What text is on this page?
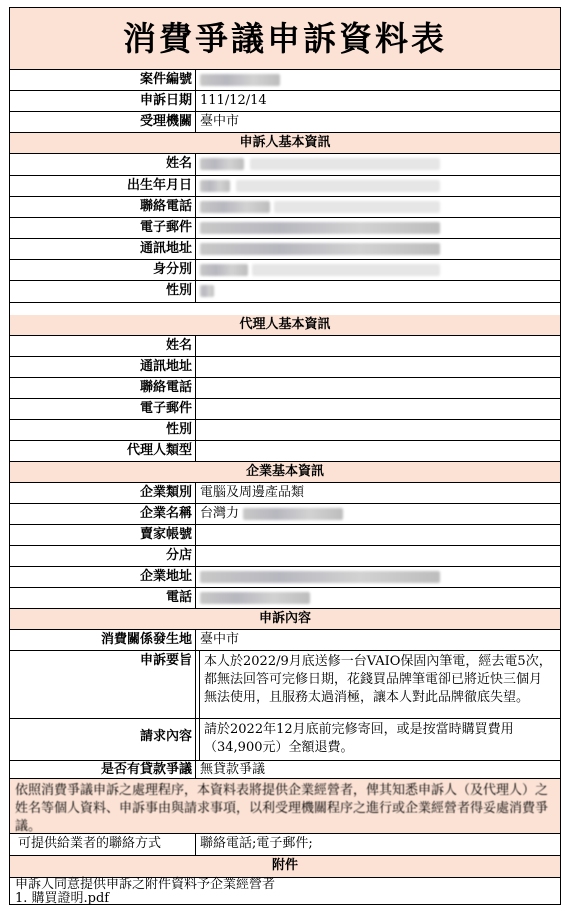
消費爭議申訴資料表
案件編號
申訴日期 111/12/14
受理機關 臺中市
申訴人基本資訊
姓名
出生年月日
聯絡電話
電子郵件
通訊地址
身分別
性別
代理人基本資訊
姓名
通訊地址
聯絡電話
電子郵件
性別
代理人類型
企業基本資訊
企業類別 電腦及周邊產品類
企業名稱 台灣力
賣家帳號
分店
企業地址
電話
申訴內容
消費關係發生地 臺中市
申訴要旨 本人於2022/9月底送修一台VAIO保固內筆電，經去電5次，都無法回答可完修日期，花錢買品牌筆電卻已將近快三個月無法使用，且服務太過消極，讓本人對此品牌徹底失望。
請求內容 請於2022年12月底前完修寄回，或是按當時購買費用（34,900元）全額退費。
是否有貸款爭議 無貸款爭議
依照消費爭議申訴之處理程序，本資料表將提供企業經營者，俾其知悉申訴人（及代理人）之姓名等個人資料、申訴事由與請求事項，以利受理機關程序之進行或企業經營者得妥處消費爭議。
可提供給業者的聯絡方式	聯絡電話;電子郵件;
附件
申訴人同意提供申訴之附件資料予企業經營者
1. 購買證明.pdf
